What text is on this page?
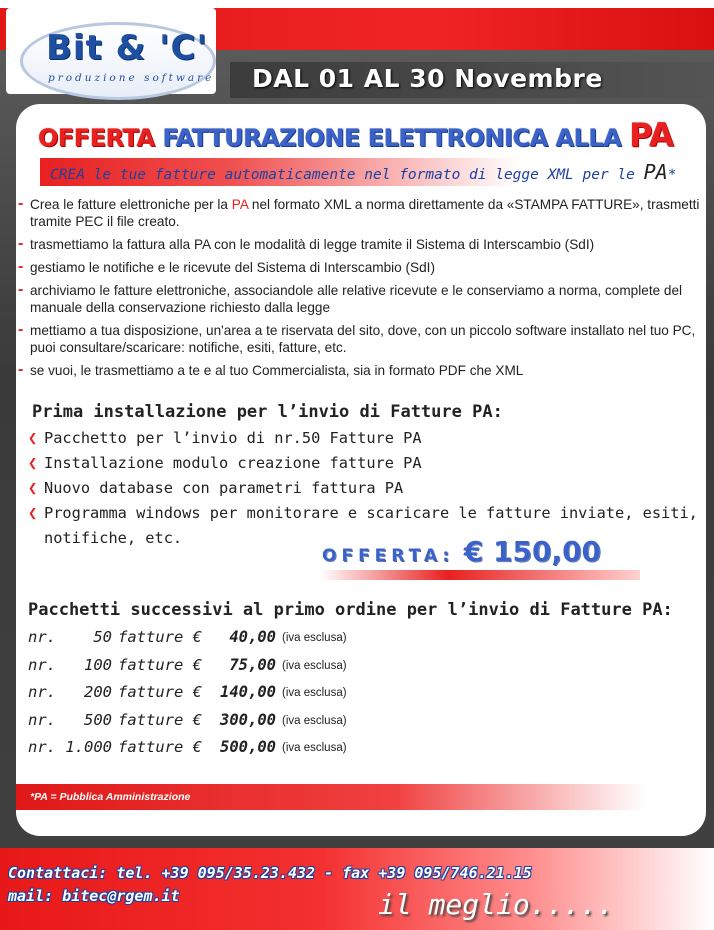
DAL 01 AL 30 Novembre
Bit & 'C'
produzione software
OFFERTA FATTURAZIONE ELETTRONICA ALLA PA
CREA le tue fatture automaticamente nel formato di legge XML per le PA*
- Crea le fatture elettroniche per la PA nel formato XML a norma direttamente da «STAMPA FATTURE», trasmetti tramite PEC il file creato.
- trasmettiamo la fattura alla PA con le modalità di legge tramite il Sistema di Interscambio (SdI)
- gestiamo le notifiche e le ricevute del Sistema di Interscambio (SdI)
- archiviamo le fatture elettroniche, associandole alle relative ricevute e le conserviamo a norma, complete del manuale della conservazione richiesto dalla legge
- mettiamo a tua disposizione, un'area a te riservata del sito, dove, con un piccolo software installato nel tuo PC, puoi consultare/scaricare: notifiche, esiti, fatture, etc.
- se vuoi, le trasmettiamo a te e al tuo Commercialista, sia in formato PDF che XML
Prima installazione per l’invio di Fatture PA:
❮ Pacchetto per l’invio di nr.50 Fatture PA
❮ Installazione modulo creazione fatture PA
❮ Nuovo database con parametri fattura PA
❮ Programma windows per monitorare e scaricare le fatture inviate, esiti, notifiche, etc.
OFFERTA: € 150,00
Pacchetti successivi al primo ordine per l’invio di Fatture PA:
nr.	50 fatture €	40,00 (iva esclusa)
nr.	100 fatture €	75,00 (iva esclusa)
nr.	200 fatture €	140,00 (iva esclusa)
nr.	500 fatture €	300,00 (iva esclusa)
nr. 1.000 fatture €	500,00 (iva esclusa)
*PA = Pubblica Amministrazione
Contattaci: tel. +39 095/35.23.432 - fax +39 095/746.21.15
mail: bitec@rgem.it	il meglio.....
